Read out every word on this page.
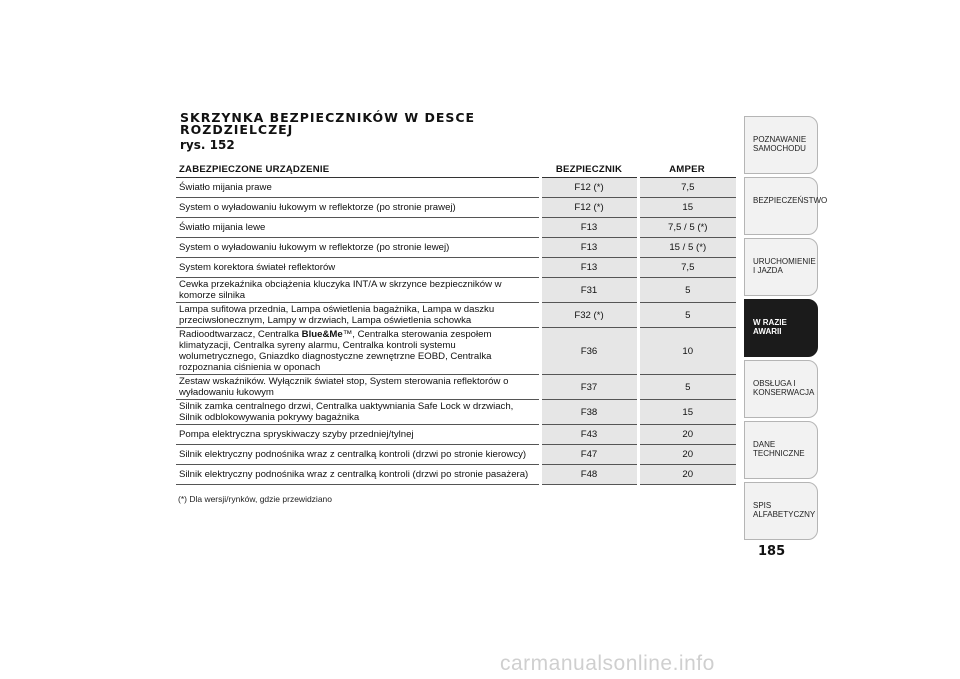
SKRZYNKA BEZPIECZNIKÓW W DESCE ROZDZIELCZEJ
rys. 152
ZABEZPIECZONE URZĄDZENIE	BEZPIECZNIK	AMPER
Światło mijania prawe	F12 (*)	7,5
System o wyładowaniu łukowym w reflektorze (po stronie prawej)	F12 (*)	15
Światło mijania lewe	F13	7,5 / 5 (*)
System o wyładowaniu łukowym w reflektorze (po stronie lewej)	F13	15 / 5 (*)
System korektora świateł reflektorów	F13	7,5
Cewka przekaźnika obciążenia kluczyka INT/A w skrzynce bezpieczników w komorze silnika	F31	5
Lampa sufitowa przednia, Lampa oświetlenia bagażnika, Lampa w daszku przeciwsłonecznym, Lampy w drzwiach, Lampa oświetlenia schowka	F32 (*)	5
Radioodtwarzacz, Centralka Blue&Me™, Centralka sterowania zespołem klimatyzacji, Centralka syreny alarmu, Centralka kontroli systemu wolumetrycznego, Gniazdko diagnostyczne zewnętrzne EOBD, Centralka rozpoznania ciśnienia w oponach	F36	10
Zestaw wskaźników. Wyłącznik świateł stop, System sterowania reflektorów o wyładowaniu łukowym	F37	5
Silnik zamka centralnego drzwi, Centralka uaktywniania Safe Lock w drzwiach, Silnik odblokowywania pokrywy bagażnika	F38	15
Pompa elektryczna spryskiwaczy szyby przedniej/tylnej	F43	20
Silnik elektryczny podnośnika wraz z centralką kontroli (drzwi po stronie kierowcy)	F47	20
Silnik elektryczny podnośnika wraz z centralką kontroli (drzwi po stronie pasażera)	F48	20
(*) Dla wersji/rynków, gdzie przewidziano
POZNAWANIE SAMOCHODU
BEZPIECZEŃSTWO
URUCHOMIENIE I JAZDA
W RAZIE AWARII
OBSŁUGA I KONSERWACJA
DANE TECHNICZNE
SPIS ALFABETYCZNY
185
carmanualsonline.info
